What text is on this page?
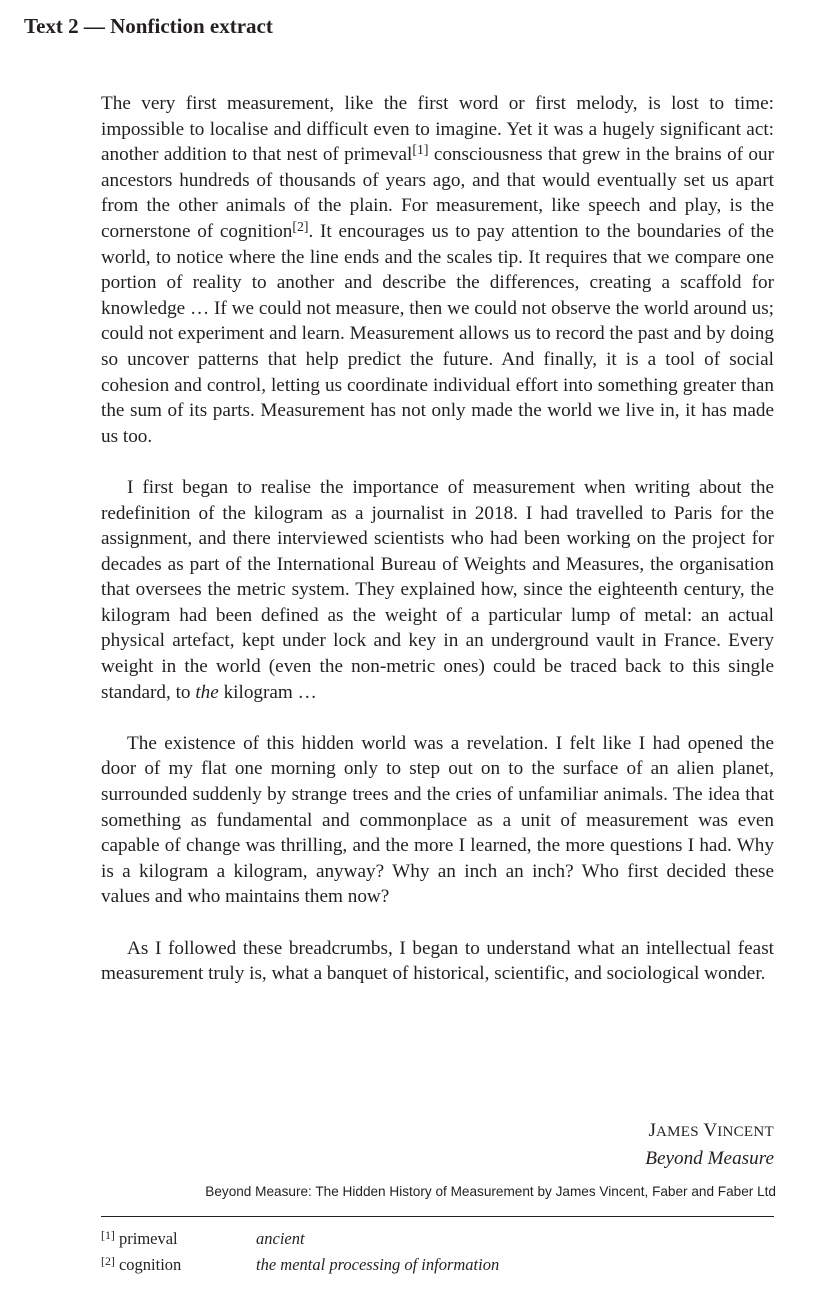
Text 2 — Nonfiction extract

The very first measurement, like the first word or first melody, is lost to time: impossible to localise and difficult even to imagine. Yet it was a hugely significant act: another addition to that nest of primeval[1] consciousness that grew in the brains of our ancestors hundreds of thousands of years ago, and that would eventually set us apart from the other animals of the plain. For measurement, like speech and play, is the cornerstone of cognition[2]. It encourages us to pay attention to the boundaries of the world, to notice where the line ends and the scales tip. It requires that we compare one portion of reality to another and describe the differences, creating a scaffold for knowledge … If we could not measure, then we could not observe the world around us; could not experiment and learn. Measurement allows us to record the past and by doing so uncover patterns that help predict the future. And finally, it is a tool of social cohesion and control, letting us coordinate individual effort into something greater than the sum of its parts. Measurement has not only made the world we live in, it has made us too.

I first began to realise the importance of measurement when writing about the redefinition of the kilogram as a journalist in 2018. I had travelled to Paris for the assignment, and there interviewed scientists who had been working on the project for decades as part of the International Bureau of Weights and Measures, the organisation that oversees the metric system. They explained how, since the eighteenth century, the kilogram had been defined as the weight of a particular lump of metal: an actual physical artefact, kept under lock and key in an underground vault in France. Every weight in the world (even the non-metric ones) could be traced back to this single standard, to the kilogram …

The existence of this hidden world was a revelation. I felt like I had opened the door of my flat one morning only to step out on to the surface of an alien planet, surrounded suddenly by strange trees and the cries of unfamiliar animals. The idea that something as fundamental and commonplace as a unit of measurement was even capable of change was thrilling, and the more I learned, the more questions I had. Why is a kilogram a kilogram, anyway? Why an inch an inch? Who first decided these values and who maintains them now?

As I followed these breadcrumbs, I began to understand what an intellectual feast measurement truly is, what a banquet of historical, scientific, and sociological wonder.

JAMES VINCENT
Beyond Measure
Beyond Measure: The Hidden History of Measurement by James Vincent, Faber and Faber Ltd
[1] primeval	ancient
[2] cognition	the mental processing of information
